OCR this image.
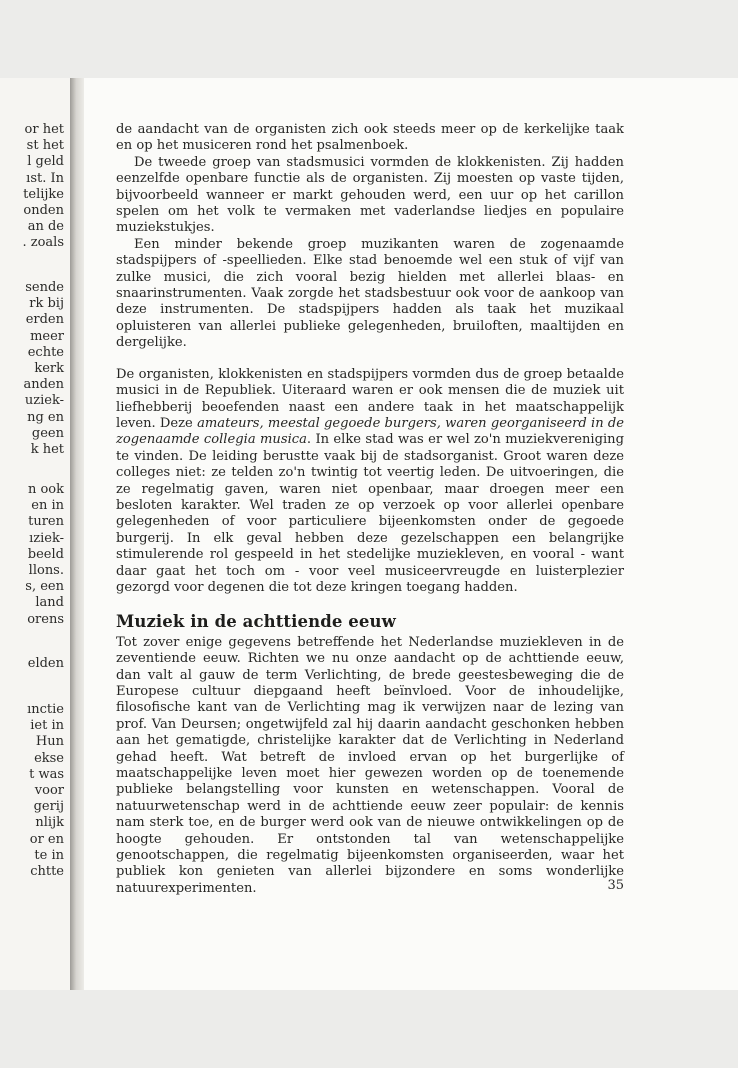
or het
st het
l geld
ıst. In
telijke
onden
an de
. zoals
sende
rk bij
erden
meer
echte
kerk
anden
uziek-
ng en
geen
k het
n ook
en in
turen
ıziek-
beeld
llons.
s, een
land
orens
elden
ınctie
iet in
Hun
ekse
t was
voor
gerij
nlijk
or en
te in
chtte

de aandacht van de organisten zich ook steeds meer op de kerkelijke taak en op het musiceren rond het psalmenboek.

De tweede groep van stadsmusici vormden de klokkenisten. Zij hadden eenzelfde openbare functie als de organisten. Zij moesten op vaste tijden, bijvoorbeeld wanneer er markt gehouden werd, een uur op het carillon spelen om het volk te vermaken met vaderlandse liedjes en populaire muziekstukjes.

Een minder bekende groep muzikanten waren de zogenaamde stadspijpers of -speellieden. Elke stad benoemde wel een stuk of vijf van zulke musici, die zich vooral bezig hielden met allerlei blaas- en snaarinstrumenten. Vaak zorgde het stadsbestuur ook voor de aankoop van deze instrumenten. De stadspijpers hadden als taak het muzikaal opluisteren van allerlei publieke gelegenheden, bruiloften, maaltijden en dergelijke.

De organisten, klokkenisten en stadspijpers vormden dus de groep betaalde musici in de Republiek. Uiteraard waren er ook mensen die de muziek uit liefhebberij beoefenden naast een andere taak in het maatschappelijk leven. Deze amateurs, meestal gegoede burgers, waren georganiseerd in de zogenaamde collegia musica. In elke stad was er wel zo'n muziekvereniging te vinden. De leiding berustte vaak bij de stadsorganist. Groot waren deze colleges niet: ze telden zo'n twintig tot veertig leden. De uitvoeringen, die ze regelmatig gaven, waren niet openbaar, maar droegen meer een besloten karakter. Wel traden ze op verzoek op voor allerlei openbare gelegenheden of voor particuliere bijeenkomsten onder de gegoede burgerij. In elk geval hebben deze gezelschappen een belangrijke stimulerende rol gespeeld in het stedelijke muziekleven, en vooral - want daar gaat het toch om - voor veel musiceervreugde en luisterplezier gezorgd voor degenen die tot deze kringen toegang hadden.

Muziek in de achttiende eeuw

Tot zover enige gegevens betreffende het Nederlandse muziekleven in de zeventiende eeuw. Richten we nu onze aandacht op de achttiende eeuw, dan valt al gauw de term Verlichting, de brede geestesbeweging die de Europese cultuur diepgaand heeft beïnvloed. Voor de inhoudelijke, filosofische kant van de Verlichting mag ik verwijzen naar de lezing van prof. Van Deursen; ongetwijfeld zal hij daarin aandacht geschonken hebben aan het gematigde, christelijke karakter dat de Verlichting in Nederland gehad heeft. Wat betreft de invloed ervan op het burgerlijke of maatschappelijke leven moet hier gewezen worden op de toenemende publieke belangstelling voor kunsten en wetenschappen. Vooral de natuurwetenschap werd in de achttiende eeuw zeer populair: de kennis nam sterk toe, en de burger werd ook van de nieuwe ontwikkelingen op de hoogte gehouden. Er ontstonden tal van wetenschappelijke genootschappen, die regelmatig bijeenkomsten organiseerden, waar het publiek kon genieten van allerlei bijzondere en soms wonderlijke natuurexperimenten.	35
